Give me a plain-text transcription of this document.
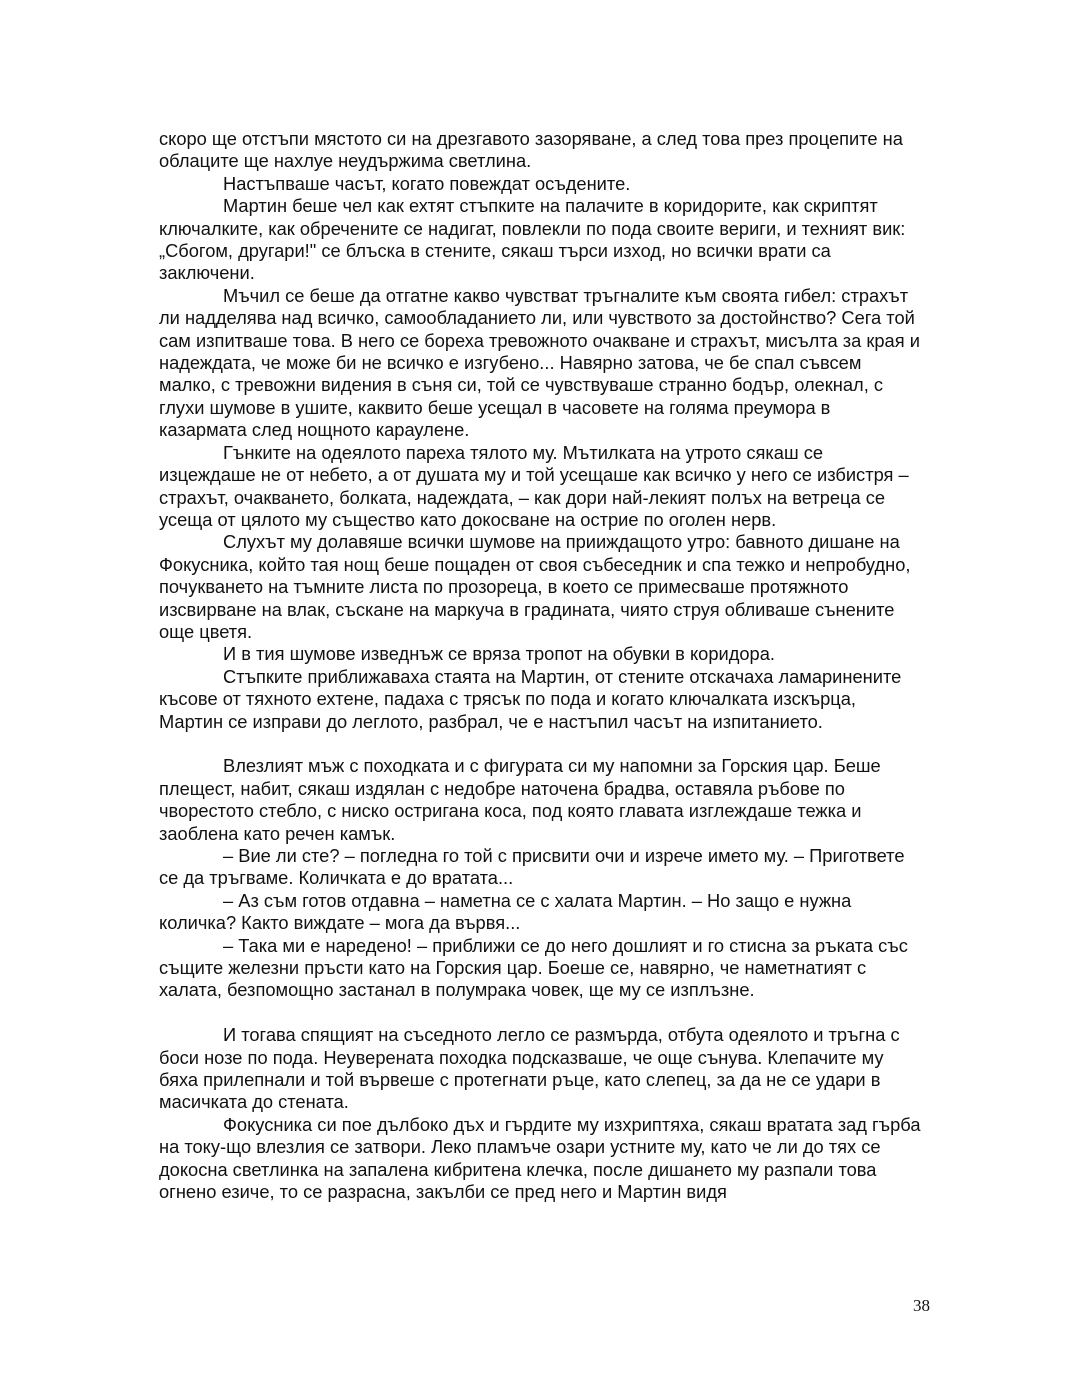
скоро ще отстъпи мястото си на дрезгавото зазоряване, а след това през процепите на облаците ще нахлуе неудържима светлина.

Настъпваше часът, когато повеждат осъдените.

Мартин беше чел как ехтят стъпките на палачите в коридорите, как скриптят ключалките, как обречените се надигат, повлекли по пода своите вериги, и техният вик: „Сбогом, другари!" се блъска в стените, сякаш търси изход, но всички врати са заключени.

Мъчил се беше да отгатне какво чувстват тръгналите към своята гибел: страхът ли надделява над всичко, самообладанието ли, или чувството за достойнство? Сега той сам изпитваше това. В него се бореха тревожното очакване и страхът, мисълта за края и надеждата, че може би не всичко е изгубено... Навярно затова, че бе спал съвсем малко, с тревожни видения в съня си, той се чувствуваше странно бодър, олекнал, с глухи шумове в ушите, каквито беше усещал в часовете на голяма преумора в казармата след нощното караулене.

Гънките на одеялото пареха тялото му. Мътилката на утрото сякаш се изцеждаше не от небето, а от душата му и той усещаше как всичко у него се избистря – страхът, очакването, болката, надеждата, – как дори най-лекият полъх на ветреца се усеща от цялото му същество като докосване на острие по оголен нерв.

Слухът му долавяше всички шумове на прииждащото утро: бавното дишане на Фокусника, който тая нощ беше пощаден от своя събеседник и спа тежко и непробудно, почукването на тъмните листа по прозореца, в което се примесваше протяжното изсвирване на влак, съскане на маркуча в градината, чиято струя обливаше сънените още цветя.

И в тия шумове изведнъж се вряза тропот на обувки в коридора.

Стъпките приближаваха стаята на Мартин, от стените отскачаха ламаринените късове от тяхното ехтене, падаха с трясък по пода и когато ключалката изскърца, Мартин се изправи до леглото, разбрал, че е настъпил часът на изпитанието.

Влезлият мъж с походката и с фигурата си му напомни за Горския цар. Беше плещест, набит, сякаш издялан с недобре наточена брадва, оставяла ръбове по чворестото стебло, с ниско остригана коса, под която главата изглеждаше тежка и заоблена като речен камък.

– Вие ли сте? – погледна го той с присвити очи и изрече името му. – Пригответе се да тръгваме. Количката е до вратата...

– Аз съм готов отдавна – наметна се с халата Мартин. – Но защо е нужна количка? Както виждате – мога да вървя...

– Така ми е наредено! – приближи се до него дошлият и го стисна за ръката със същите железни пръсти като на Горския цар. Боеше се, навярно, че наметнатият с халата, безпомощно застанал в полумрака човек, ще му се изплъзне.

И тогава спящият на съседното легло се размърда, отбута одеялото и тръгна с боси нозе по пода. Неуверената походка подсказваше, че още сънува. Клепачите му бяха прилепнали и той вървеше с протегнати ръце, като слепец, за да не се удари в масичката до стената.

Фокусника си пое дълбоко дъх и гърдите му изхриптяха, сякаш вратата зад гърба на току-що влезлия се затвори. Леко пламъче озари устните му, като че ли до тях се докосна светлинка на запалена кибритена клечка, после дишането му разпали това огнено езиче, то се разрасна, закълби се пред него и Мартин видя

38
